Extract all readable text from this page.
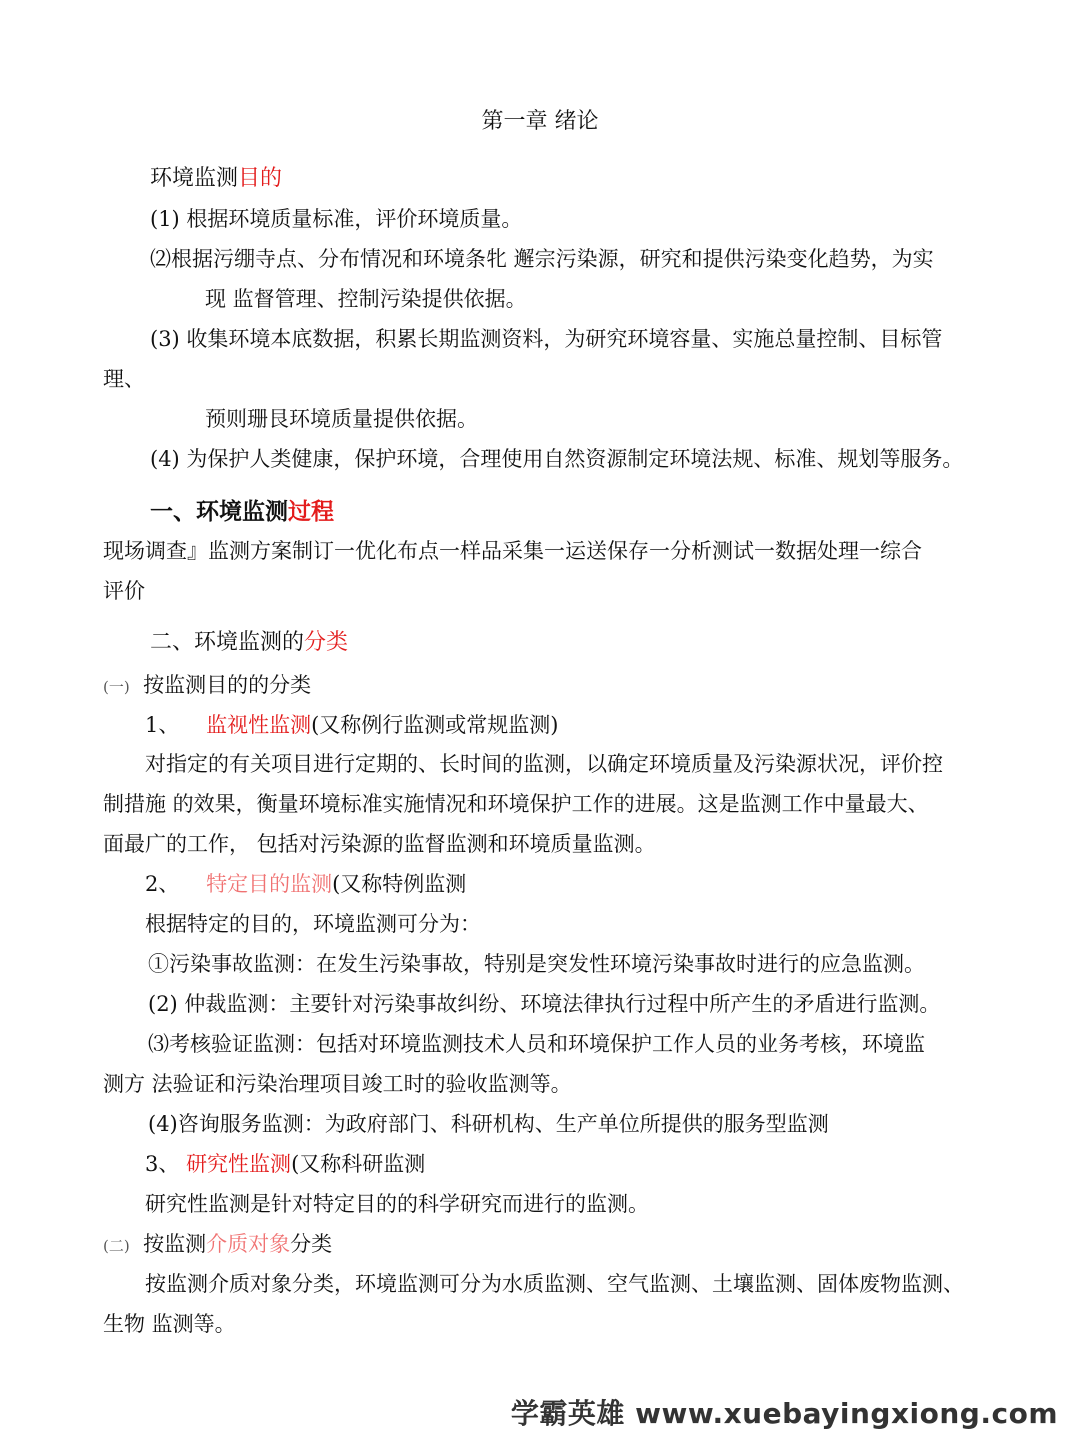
第一章 绪论
环境监测目的
(1) 根据环境质量标准，评价环境质量。
⑵根据污绷寺点、分布情况和环境条牝 邂宗污染源，研究和提供污染变化趋势，为实
现 监督管理、控制污染提供依据。
(3) 收集环境本底数据，积累长期监测资料，为研究环境容量、实施总量控制、目标管
理、
预则珊艮环境质量提供依据。
(4) 为保护人类健康，保护环境，合理使用自然资源制定环境法规、标准、规划等服务。
一、环境监测过程
现场调查』监测方案制订一优化布点一样品采集一运送保存一分析测试一数据处理一综合
评价
二、环境监测的分类
(一) 按监测目的的分类
1、 监视性监测(又称例行监测或常规监测)
对指定的有关项目进行定期的、长时间的监测，以确定环境质量及污染源状况，评价控
制措施 的效果，衡量环境标准实施情况和环境保护工作的进展。这是监测工作中量最大、
面最广的工作， 包括对污染源的监督监测和环境质量监测。
2、 特定目的监测(又称特例监测
根据特定的目的，环境监测可分为：
①污染事故监测：在发生污染事故，特别是突发性环境污染事故时进行的应急监测。
(2) 仲裁监测：主要针对污染事故纠纷、环境法律执行过程中所产生的矛盾进行监测。
⑶考核验证监测：包括对环境监测技术人员和环境保护工作人员的业务考核，环境监
测方 法验证和污染治理项目竣工时的验收监测等。
(4)咨询服务监测：为政府部门、科研机构、生产单位所提供的服务型监测
3、 研究性监测(又称科研监测
研究性监测是针对特定目的的科学研究而进行的监测。
(二) 按监测介质对象分类
按监测介质对象分类，环境监测可分为水质监测、空气监测、土壤监测、固体废物监测、
生物 监测等。
学霸英雄 www.xuebayingxiong.com
